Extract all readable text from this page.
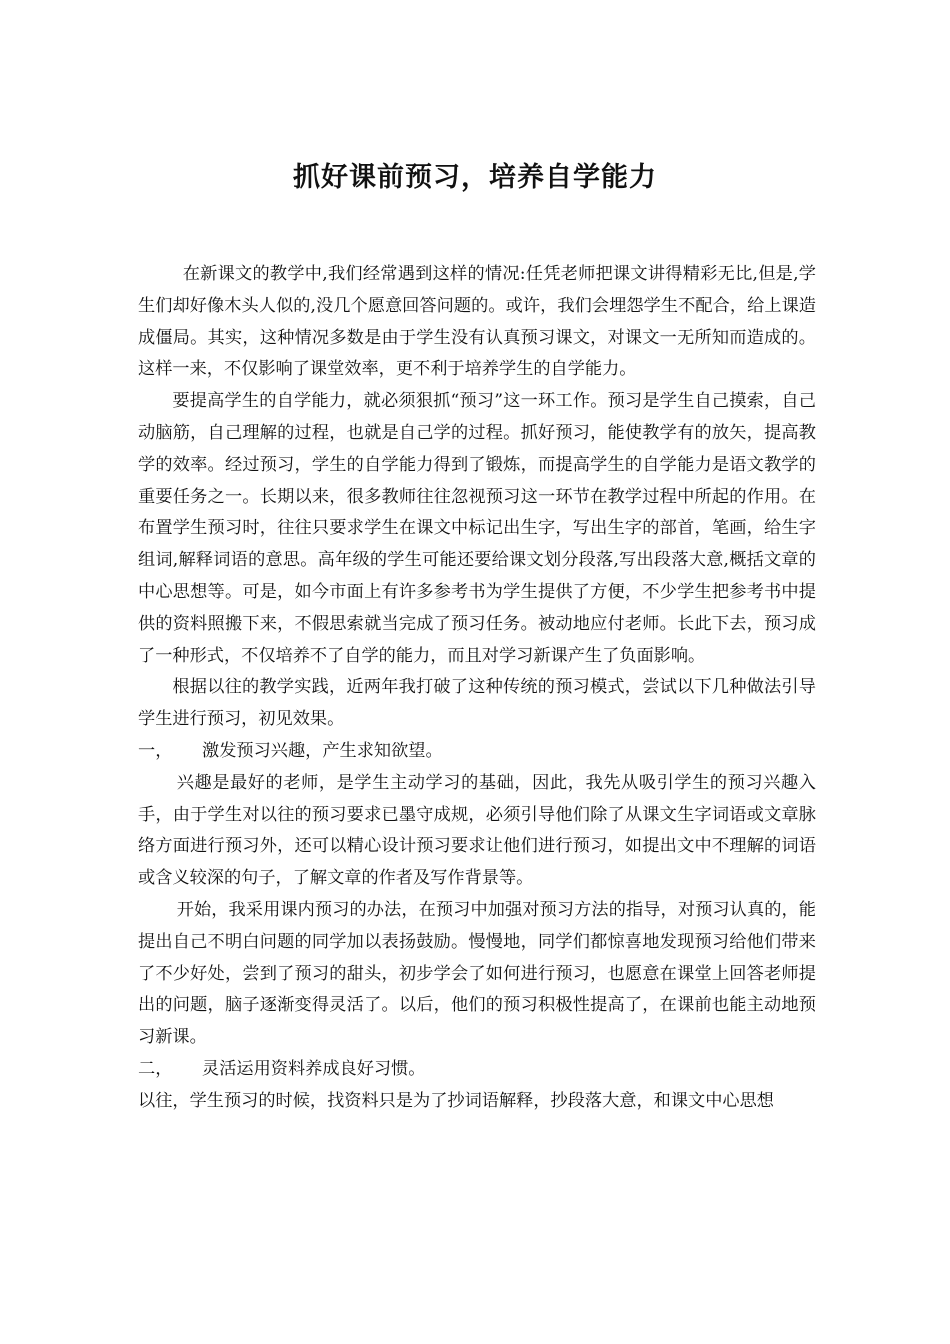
抓好课前预习，培养自学能力

在新课文的教学中,我们经常遇到这样的情况:任凭老师把课文讲得精彩无比,但是,学生们却好像木头人似的,没几个愿意回答问题的。或许，我们会埋怨学生不配合，给上课造成僵局。其实，这种情况多数是由于学生没有认真预习课文，对课文一无所知而造成的。这样一来，不仅影响了课堂效率，更不利于培养学生的自学能力。

要提高学生的自学能力，就必须狠抓“预习”这一环工作。预习是学生自己摸索，自己动脑筋，自己理解的过程，也就是自己学的过程。抓好预习，能使教学有的放矢，提高教学的效率。经过预习，学生的自学能力得到了锻炼，而提高学生的自学能力是语文教学的重要任务之一。长期以来，很多教师往往忽视预习这一环节在教学过程中所起的作用。在布置学生预习时，往往只要求学生在课文中标记出生字，写出生字的部首，笔画，给生字组词,解释词语的意思。高年级的学生可能还要给课文划分段落,写出段落大意,概括文章的中心思想等。可是，如今市面上有许多参考书为学生提供了方便，不少学生把参考书中提供的资料照搬下来，不假思索就当完成了预习任务。被动地应付老师。长此下去，预习成了一种形式，不仅培养不了自学的能力，而且对学习新课产生了负面影响。

根据以往的教学实践，近两年我打破了这种传统的预习模式，尝试以下几种做法引导学生进行预习，初见效果。

一， 激发预习兴趣，产生求知欲望。

兴趣是最好的老师，是学生主动学习的基础，因此，我先从吸引学生的预习兴趣入手，由于学生对以往的预习要求已墨守成规，必须引导他们除了从课文生字词语或文章脉络方面进行预习外，还可以精心设计预习要求让他们进行预习，如提出文中不理解的词语或含义较深的句子，了解文章的作者及写作背景等。

开始，我采用课内预习的办法，在预习中加强对预习方法的指导，对预习认真的，能提出自己不明白问题的同学加以表扬鼓励。慢慢地，同学们都惊喜地发现预习给他们带来了不少好处，尝到了预习的甜头，初步学会了如何进行预习，也愿意在课堂上回答老师提出的问题，脑子逐渐变得灵活了。以后，他们的预习积极性提高了，在课前也能主动地预习新课。

二， 灵活运用资料养成良好习惯。

以往，学生预习的时候，找资料只是为了抄词语解释，抄段落大意，和课文中心思想
